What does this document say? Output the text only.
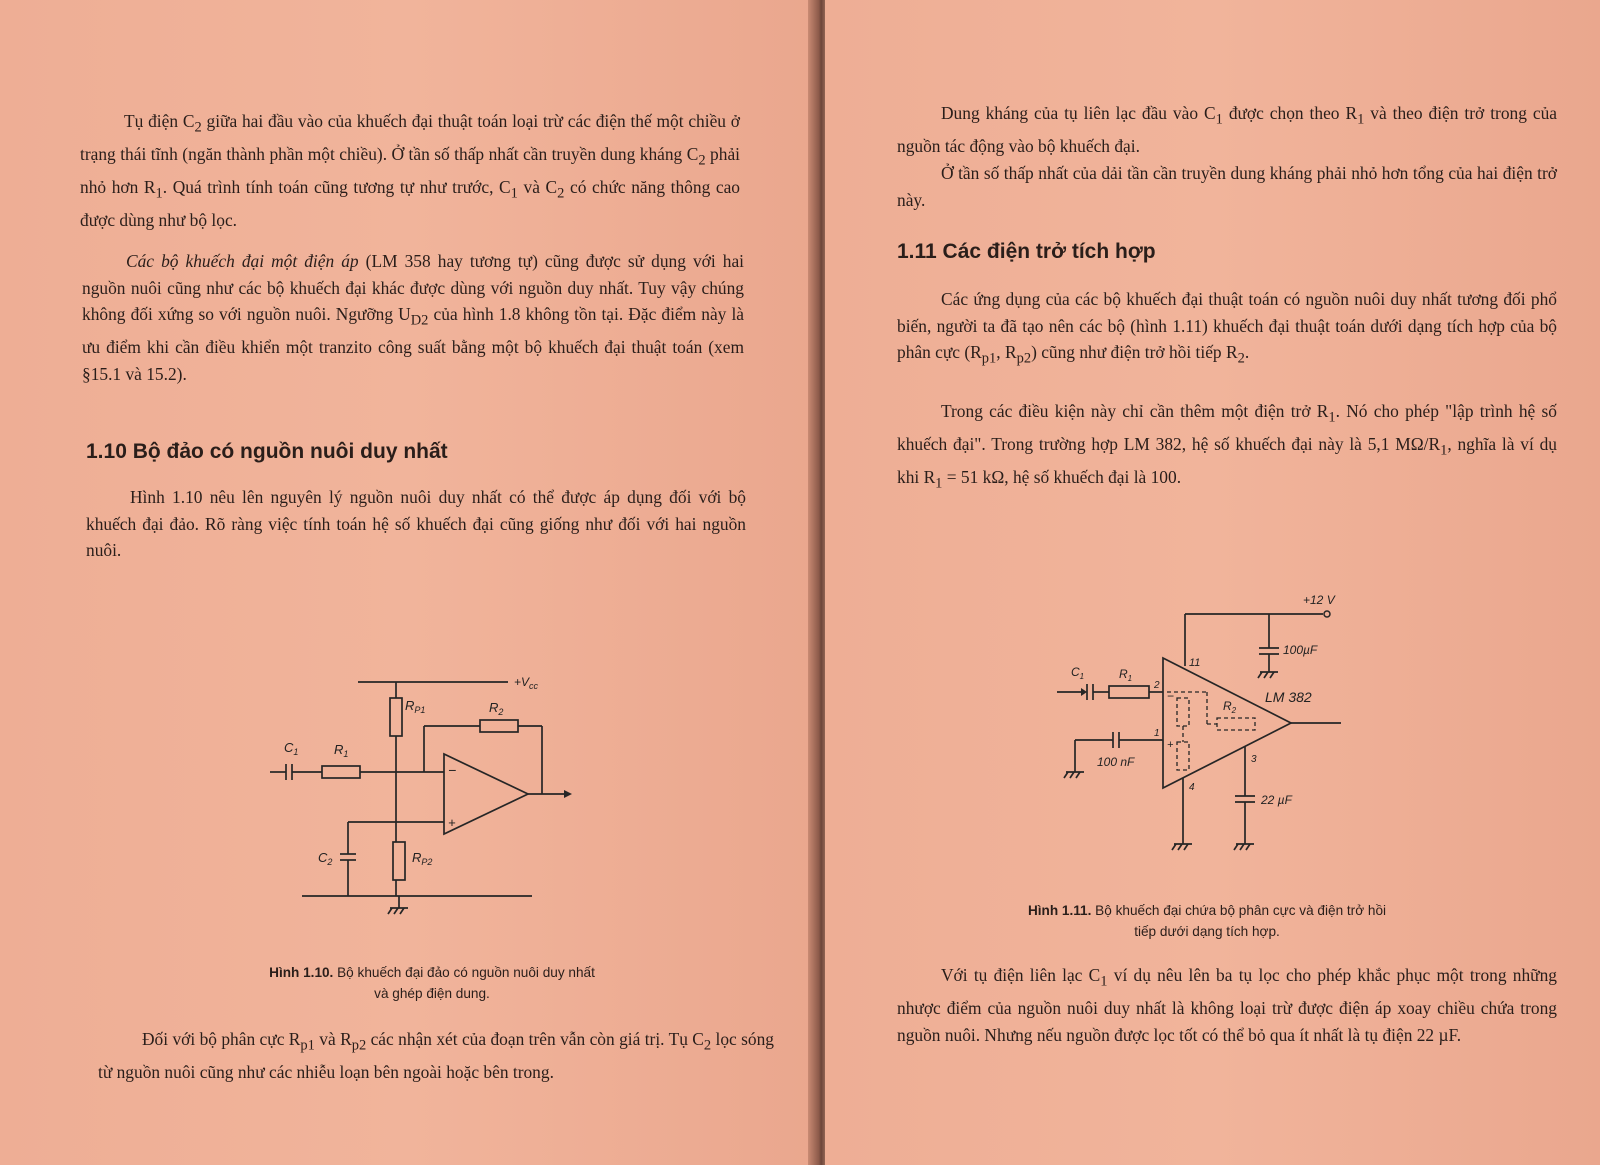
Tụ điện $C_2$ giữa hai đầu vào của khuếch đại thuật toán loại trừ các điện thế một chiều ở trạng thái tĩnh (ngăn thành phần một chiều). Ở tần số thấp nhất cần truyền dung kháng $C_2$ phải nhỏ hơn $R_1$. Quá trình tính toán cũng tương tự như trước, $C_1$ và $C_2$ có chức năng thông cao được dùng như bộ lọc.

Các bộ khuếch đại một điện áp (LM 358 hay tương tự) cũng được sử dụng với hai nguồn nuôi cũng như các bộ khuếch đại khác được dùng với nguồn duy nhất. Tuy vậy chúng không đối xứng so với nguồn nuôi. Ngưỡng $U_{D2}$ của hình 1.8 không tồn tại. Đặc điểm này là ưu điểm khi cần điều khiển một tranzito công suất bằng một bộ khuếch đại thuật toán (xem §15.1 và 15.2).

1.10 Bộ đảo có nguồn nuôi duy nhất

Hình 1.10 nêu lên nguyên lý nguồn nuôi duy nhất có thể được áp dụng đối với bộ khuếch đại đảo. Rõ ràng việc tính toán hệ số khuếch đại cũng giống như đối với hai nguồn nuôi.

$+V_{cc}$
$R_{P1}$
$C_1$	$R_1$
−
+
$R_2$
$C_2$	$R_{P2}$

Hình 1.10. Bộ khuếch đại đảo có nguồn nuôi duy nhất
và ghép điện dung.

Đối với bộ phân cực $R_{p1}$ và $R_{p2}$ các nhận xét của đoạn trên vẫn còn giá trị. Tụ $C_2$ lọc sóng từ nguồn nuôi cũng như các nhiễu loạn bên ngoài hoặc bên trong.

Dung kháng của tụ liên lạc đầu vào $C_1$ được chọn theo $R_1$ và theo điện trở trong của nguồn tác động vào bộ khuếch đại.

Ở tần số thấp nhất của dải tần cần truyền dung kháng phải nhỏ hơn tổng của hai điện trở này.

1.11 Các điện trở tích hợp

Các ứng dụng của các bộ khuếch đại thuật toán có nguồn nuôi duy nhất tương đối phổ biến, người ta đã tạo nên các bộ (hình 1.11) khuếch đại thuật toán dưới dạng tích hợp của bộ phân cực ($R_{p1}$, $R_{p2}$) cũng như điện trở hồi tiếp $R_2$.

Trong các điều kiện này chỉ cần thêm một điện trở $R_1$. Nó cho phép "lập trình hệ số khuếch đại". Trong trường hợp LM 382, hệ số khuếch đại này là 5,1 $M\Omega/R_1$, nghĩa là ví dụ khi $R_1 = 51$ kΩ, hệ số khuếch đại là 100.

+12 V
100µF
11
LM 382
$R_2$
−
+
$C_1$	$R_1$
2
100 nF
1
4
3
22 µF

Hình 1.11. Bộ khuếch đại chứa bộ phân cực và điện trở hồi
tiếp dưới dạng tích hợp.

Với tụ điện liên lạc $C_1$ ví dụ nêu lên ba tụ lọc cho phép khắc phục một trong những nhược điểm của nguồn nuôi duy nhất là không loại trừ được điện áp xoay chiều chứa trong nguồn nuôi. Nhưng nếu nguồn được lọc tốt có thể bỏ qua ít nhất là tụ điện 22 µF.
